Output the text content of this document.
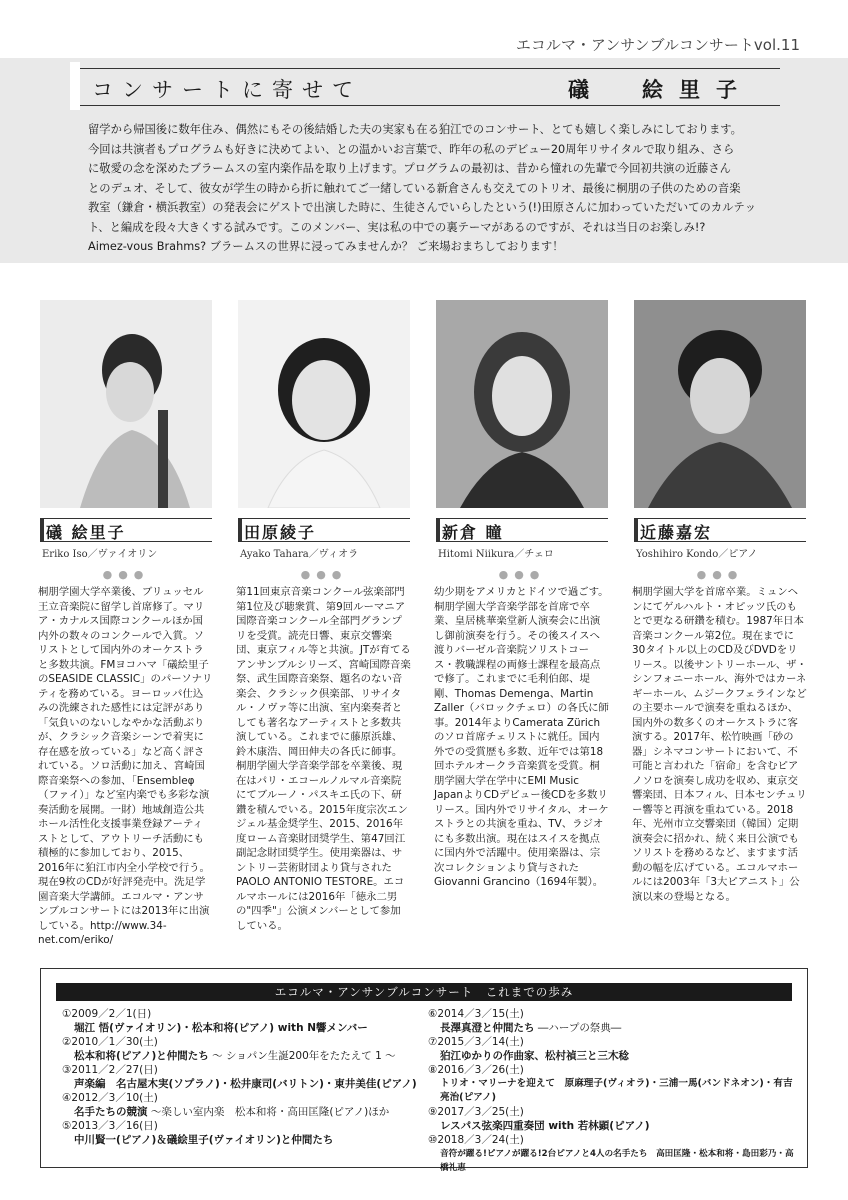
エコルマ・アンサンブルコンサートvol.11
コンサートに寄せて	礒　絵里子

留学から帰国後に数年住み、偶然にもその後結婚した夫の実家も在る狛江でのコンサート、とても嬉しく楽しみにしております。

今回は共演者もプログラムも好きに決めてよい、との温かいお言葉で、昨年の私のデビュー20周年リサイタルで取り組み、さら

に敬愛の念を深めたブラームスの室内楽作品を取り上げます。プログラムの最初は、昔から憧れの先輩で今回初共演の近藤さん

とのデュオ、そして、彼女が学生の時から折に触れてご一緒している新倉さんも交えてのトリオ、最後に桐朋の子供のための音楽

教室（鎌倉・横浜教室）の発表会にゲストで出演した時に、生徒さんでいらしたという(!)田原さんに加わっていただいてのカルテッ

ト、と編成を段々大きくする試みです。このメンバー、実は私の中での裏テーマがあるのですが、それは当日のお楽しみ!?

Aimez-vous Brahms? ブラームスの世界に浸ってみませんか？ ご来場おまちしております！

礒 絵里子
Eriko Iso／ヴァイオリン
●●●
桐朋学園大学卒業後、ブリュッセル王立音楽院に留学し首席修了。マリア・カナルス国際コンクールほか国内外の数々のコンクールで入賞。ソリストとして国内外のオーケストラと多数共演。FMヨコハマ「礒絵里子のSEASIDE CLASSIC」のパーソナリティを務めている。ヨーロッパ仕込みの洗練された感性には定評があり「気負いのないしなやかな活動ぶりが、クラシック音楽シーンで着実に存在感を放っている」など高く評されている。ソロ活動に加え、宮崎国際音楽祭への参加、「Ensembleφ（ファイ）」など室内楽でも多彩な演奏活動を展開。一財）地域創造公共ホール活性化支援事業登録アーティストとして、アウトリーチ活動にも積極的に参加しており、2015、2016年に狛江市内全小学校で行う。現在9枚のCDが好評発売中。洗足学園音楽大学講師。エコルマ・アンサンブルコンサートには2013年に出演している。http://www.34-net.com/eriko/
田原綾子
Ayako Tahara／ヴィオラ
●●●
第11回東京音楽コンクール弦楽部門第1位及び聴衆賞、第9回ルーマニア国際音楽コンクール全部門グランプリを受賞。読売日響、東京交響楽団、東京フィル等と共演。JTが育てるアンサンブルシリーズ、宮崎国際音楽祭、武生国際音楽祭、題名のない音楽会、クラシック倶楽部、リサイタル・ノヴァ等に出演、室内楽奏者としても著名なアーティストと多数共演している。これまでに藤原浜雄、鈴木康浩、岡田伸夫の各氏に師事。桐朋学園大学音楽学部を卒業後、現在はパリ・エコールノルマル音楽院にてブルーノ・パスキエ氏の下、研鑽を積んでいる。2015年度宗次エンジェル基金奨学生、2015、2016年度ローム音楽財団奨学生、第47回江副記念財団奨学生。使用楽器は、サントリー芸術財団より貸与されたPAOLO ANTONIO TESTORE。エコルマホールには2016年「徳永二男の"四季"」公演メンバーとして参加している。
新倉 瞳
Hitomi Niikura／チェロ
●●●
幼少期をアメリカとドイツで過ごす。桐朋学園大学音楽学部を首席で卒業、皇居桃華楽堂新人演奏会に出演し御前演奏を行う。その後スイスへ渡りバーゼル音楽院ソリストコース・教職課程の両修士課程を最高点で修了。これまでに毛利伯郎、堤剛、Thomas Demenga、Martin Zaller（バロックチェロ）の各氏に師事。2014年よりCamerata Zürichのソロ首席チェリストに就任。国内外での受賞歴も多数、近年では第18回ホテルオークラ音楽賞を受賞。桐朋学園大学在学中にEMI Music JapanよりCDデビュー後CDを多数リリース。国内外でリサイタル、オーケストラとの共演を重ね、TV、ラジオにも多数出演。現在はスイスを拠点に国内外で活躍中。使用楽器は、宗次コレクションより貸与されたGiovanni Grancino（1694年製）。
近藤嘉宏
Yoshihiro Kondo／ピアノ
●●●
桐朋学園大学を首席卒業。ミュンヘンにてゲルハルト・オピッツ氏のもとで更なる研鑽を積む。1987年日本音楽コンクール第2位。現在までに30タイトル以上のCD及びDVDをリリース。以後サントリーホール、ザ・シンフォニーホール、海外ではカーネギーホール、ムジークフェラインなどの主要ホールで演奏を重ねるほか、国内外の数多くのオーケストラに客演する。2017年、松竹映画「砂の器」シネマコンサートにおいて、不可能と言われた「宿命」を含むピアノソロを演奏し成功を収め、東京交響楽団、日本フィル、日本センチュリー響等と再演を重ねている。2018年、光州市立交響楽団（韓国）定期演奏会に招かれ、続く来日公演でもソリストを務めるなど、ますます活動の幅を広げている。エコルマホールには2003年「3大ピアニスト」公演以来の登場となる。
エコルマ・アンサンブルコンサート　これまでの歩み
①2009／2／1(日)
堀江 悟(ヴァイオリン)・松本和将(ピアノ) with N響メンバー
②2010／1／30(土)
松本和将(ピアノ)と仲間たち ～ ショパン生誕200年をたたえて 1 ～
③2011／2／27(日)
声楽編　名古屋木実(ソプラノ)・松井康司(バリトン)・東井美佳(ピアノ)
④2012／3／10(土)
名手たちの競演 ～楽しい室内楽　松本和将・高田匡隆(ピアノ)ほか
⑤2013／3／16(日)
中川賢一(ピアノ)＆礒絵里子(ヴァイオリン)と仲間たち
⑥2014／3／15(土)
長澤真澄と仲間たち ―ハープの祭典―
⑦2015／3／14(土)
狛江ゆかりの作曲家、松村禎三と三木稔
⑧2016／3／26(土)
トリオ・マリーナを迎えて　原麻理子(ヴィオラ)・三浦一馬(バンドネオン)・有吉亮治(ピアノ)
⑨2017／3／25(土)
レスパス弦楽四重奏団 with 若林顕(ピアノ)
⑩2018／3／24(土)
音符が躍る!ピアノが躍る!2台ピアノと4人の名手たち　高田匡隆・松本和将・島田彩乃・高橋礼恵
